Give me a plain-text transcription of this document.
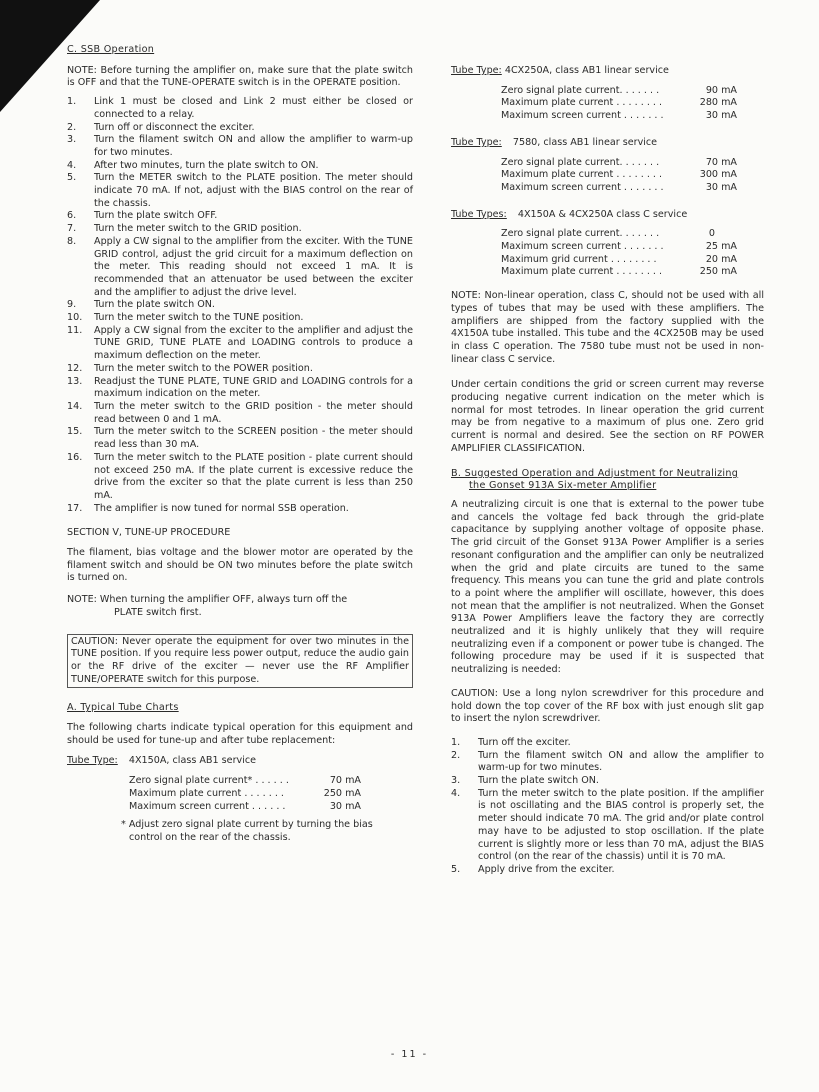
C. SSB Operation

NOTE: Before turning the amplifier on, make sure that the plate switch is OFF and that the TUNE-OPERATE switch is in the OPERATE position.

1. Link 1 must be closed and Link 2 must either be closed or connected to a relay.
2. Turn off or disconnect the exciter.
3. Turn the filament switch ON and allow the amplifier to warm-up for two minutes.
4. After two minutes, turn the plate switch to ON.
5. Turn the METER switch to the PLATE position. The meter should indicate 70 mA. If not, adjust with the BIAS control on the rear of the chassis.
6. Turn the plate switch OFF.
7. Turn the meter switch to the GRID position.
8. Apply a CW signal to the amplifier from the exciter. With the TUNE GRID control, adjust the grid circuit for a maximum deflection on the meter. This reading should not exceed 1 mA. It is recommended that an attenuator be used between the exciter and the amplifier to adjust the drive level.
9. Turn the plate switch ON.
10. Turn the meter switch to the TUNE position.
11. Apply a CW signal from the exciter to the amplifier and adjust the TUNE GRID, TUNE PLATE and LOADING controls to produce a maximum deflection on the meter.
12. Turn the meter switch to the POWER position.
13. Readjust the TUNE PLATE, TUNE GRID and LOADING controls for a maximum indication on the meter.
14. Turn the meter switch to the GRID position - the meter should read between 0 and 1 mA.
15. Turn the meter switch to the SCREEN position - the meter should read less than 30 mA.
16. Turn the meter switch to the PLATE position - plate current should not exceed 250 mA. If the plate current is excessive reduce the drive from the exciter so that the plate current is less than 250 mA.
17. The amplifier is now tuned for normal SSB operation.
SECTION V, TUNE-UP PROCEDURE

The filament, bias voltage and the blower motor are operated by the filament switch and should be ON two minutes before the plate switch is turned on.

NOTE: When turning the amplifier OFF, always turn off the
PLATE switch first.
CAUTION: Never operate the equipment for over two minutes in the TUNE position. If you require less power output, reduce the audio gain or the RF drive of the exciter — never use the RF Amplifier TUNE/OPERATE switch for this purpose.
A. Typical Tube Charts

The following charts indicate typical operation for this equipment and should be used for tune-up and after tube replacement:

Tube Type: 4X150A, class AB1 service
Zero signal plate current* . . . . . .	70 mA
Maximum plate current . . . . . . .	250 mA
Maximum screen current . . . . . .	30 mA

* Adjust zero signal plate current by turning the bias control on the rear of the chassis.

Tube Type: 4CX250A, class AB1 linear service
Zero signal plate current. . . . . . .	90 mA
Maximum plate current . . . . . . . .	280 mA
Maximum screen current . . . . . . .	30 mA
Tube Type: 7580, class AB1 linear service
Zero signal plate current. . . . . . .	70 mA
Maximum plate current . . . . . . . .	300 mA
Maximum screen current . . . . . . .	30 mA
Tube Types: 4X150A & 4CX250A class C service
Zero signal plate current. . . . . . .	0
Maximum screen current . . . . . . .	25 mA
Maximum grid current . . . . . . . .	20 mA
Maximum plate current . . . . . . . .	250 mA

NOTE: Non-linear operation, class C, should not be used with all types of tubes that may be used with these amplifiers. The amplifiers are shipped from the factory supplied with the 4X150A tube installed. This tube and the 4CX250B may be used in class C operation. The 7580 tube must not be used in non-linear class C service.

Under certain conditions the grid or screen current may reverse producing negative current indication on the meter which is normal for most tetrodes. In linear operation the grid current may be from negative to a maximum of plus one. Zero grid current is normal and desired. See the section on RF POWER AMPLIFIER CLASSIFICATION.

B. Suggested Operation and Adjustment for Neutralizing
the Gonset 913A Six-meter Amplifier

A neutralizing circuit is one that is external to the power tube and cancels the voltage fed back through the grid-plate capacitance by supplying another voltage of opposite phase. The grid circuit of the Gonset 913A Power Amplifier is a series resonant configuration and the amplifier can only be neutralized when the grid and plate circuits are tuned to the same frequency. This means you can tune the grid and plate controls to a point where the amplifier will oscillate, however, this does not mean that the amplifier is not neutralized. When the Gonset 913A Power Amplifiers leave the factory they are correctly neutralized and it is highly unlikely that they will require neutralizing even if a component or power tube is changed. The following procedure may be used if it is suspected that neutralizing is needed:

CAUTION: Use a long nylon screwdriver for this procedure and hold down the top cover of the RF box with just enough slit gap to insert the nylon screwdriver.

1. Turn off the exciter.
2. Turn the filament switch ON and allow the amplifier to warm-up for two minutes.
3. Turn the plate switch ON.
4. Turn the meter switch to the plate position. If the amplifier is not oscillating and the BIAS control is properly set, the meter should indicate 70 mA. The grid and/or plate control may have to be adjusted to stop oscillation. If the plate current is slightly more or less than 70 mA, adjust the BIAS control (on the rear of the chassis) until it is 70 mA.
5. Apply drive from the exciter.
- 11 -
